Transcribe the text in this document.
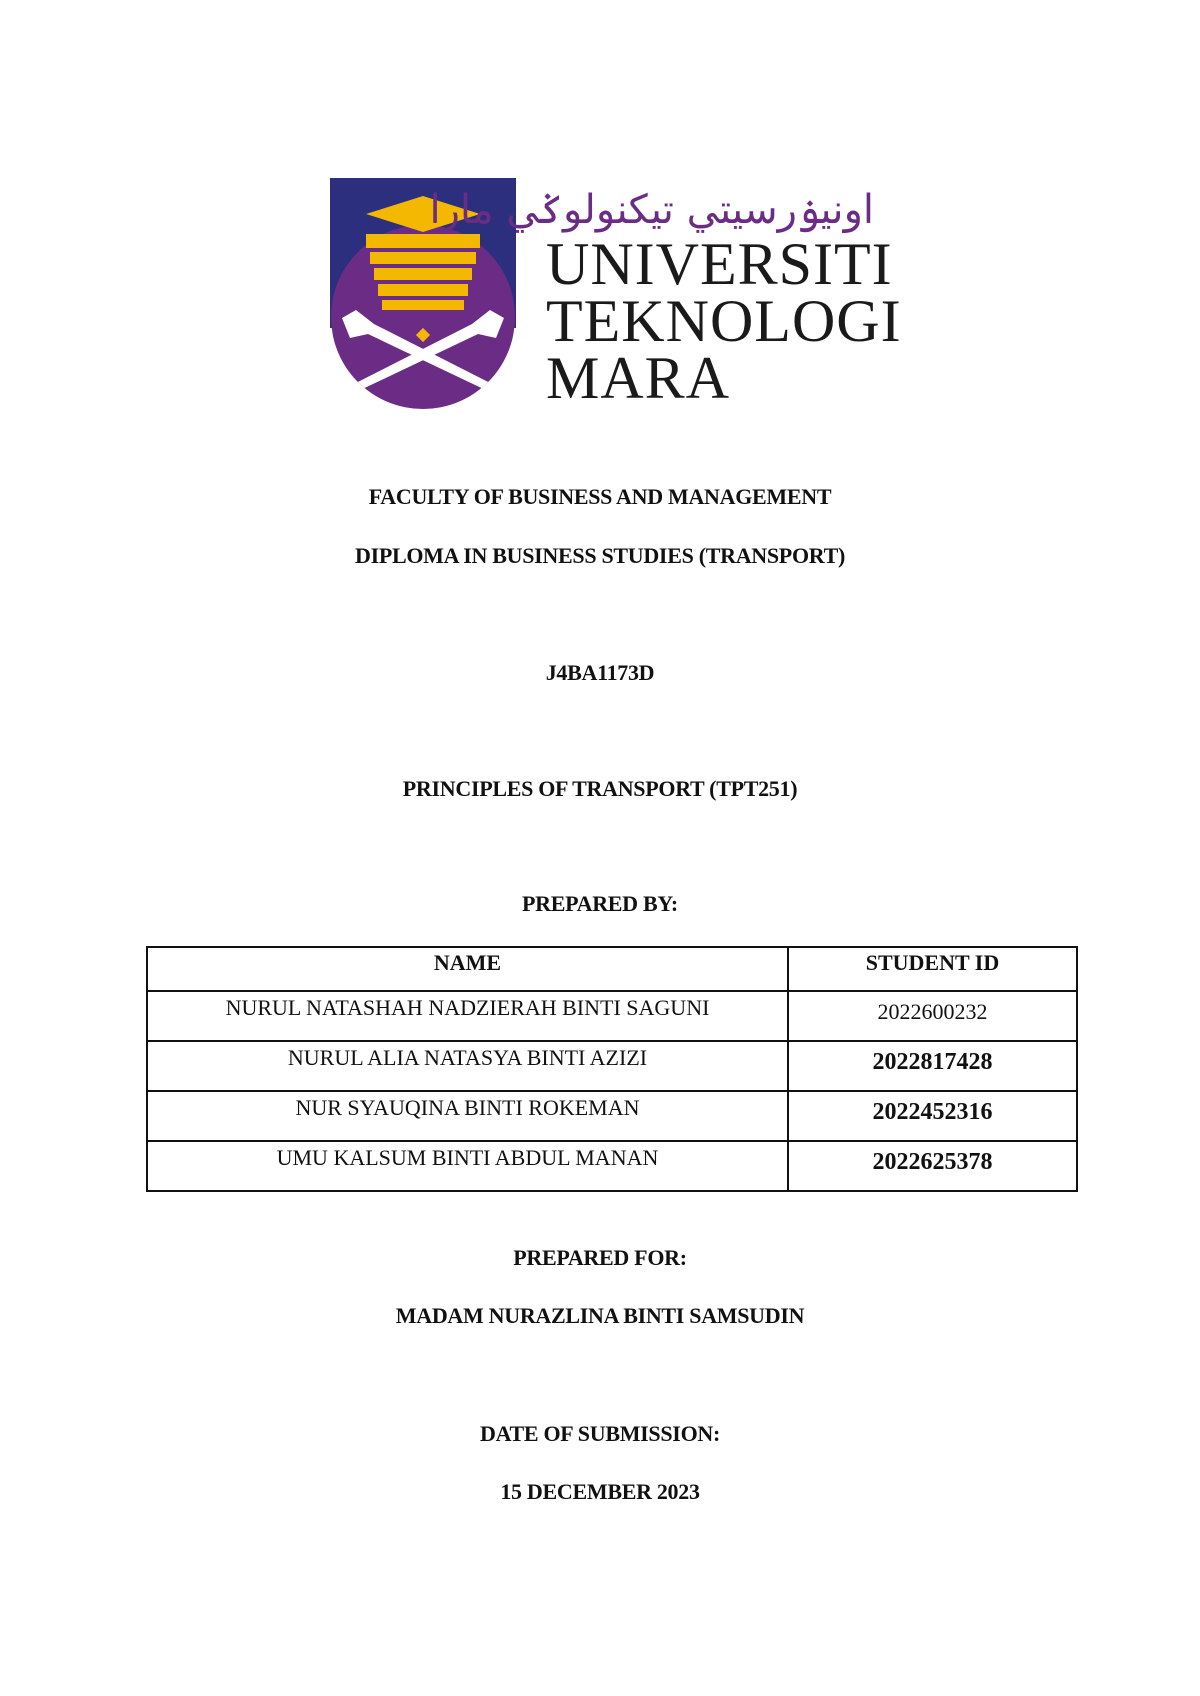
اونيۏرسيتي تيكنولوݢي مارا
UNIVERSITI
TEKNOLOGI
MARA
FACULTY OF BUSINESS AND MANAGEMENT
DIPLOMA IN BUSINESS STUDIES (TRANSPORT)
J4BA1173D
PRINCIPLES OF TRANSPORT (TPT251)
PREPARED BY:
NAME	STUDENT ID
NURUL NATASHAH NADZIERAH BINTI SAGUNI	2022600232
NURUL ALIA NATASYA BINTI AZIZI	2022817428
NUR SYAUQINA BINTI ROKEMAN	2022452316
UMU KALSUM BINTI ABDUL MANAN	2022625378
PREPARED FOR:
MADAM NURAZLINA BINTI SAMSUDIN
DATE OF SUBMISSION:
15 DECEMBER 2023
